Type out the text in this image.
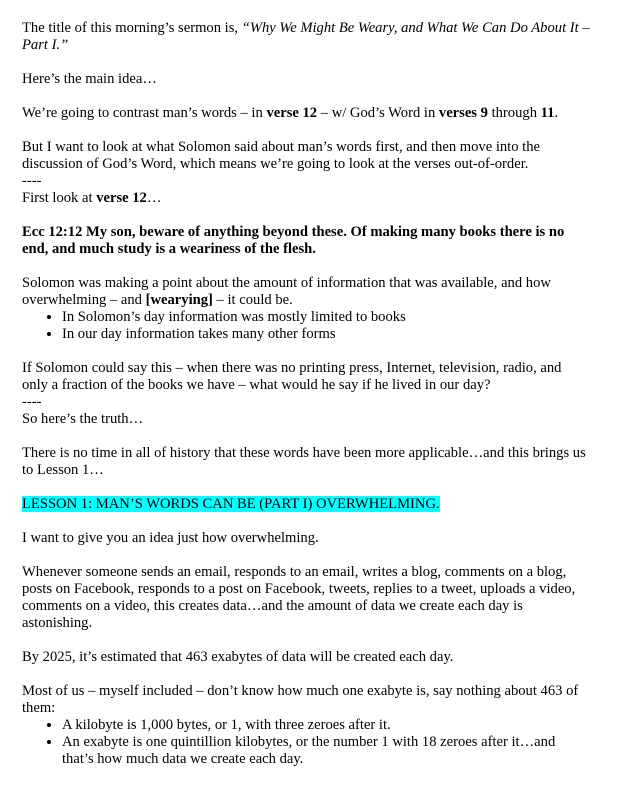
The title of this morning’s sermon is, “Why We Might Be Weary, and What We Can Do About It – Part I.”

Here’s the main idea…

We’re going to contrast man’s words – in verse 12 – w/ God’s Word in verses 9 through 11.

But I want to look at what Solomon said about man’s words first, and then move into the discussion of God’s Word, which means we’re going to look at the verses out-of-order.

----

First look at verse 12…

Ecc 12:12 My son, beware of anything beyond these. Of making many books there is no end, and much study is a weariness of the flesh.

Solomon was making a point about the amount of information that was available, and how overwhelming – and [wearying] – it could be.

• In Solomon’s day information was mostly limited to books
• In our day information takes many other forms

If Solomon could say this – when there was no printing press, Internet, television, radio, and only a fraction of the books we have – what would he say if he lived in our day?

----

So here’s the truth…

There is no time in all of history that these words have been more applicable…and this brings us to Lesson 1…

LESSON 1: MAN’S WORDS CAN BE (PART I) OVERWHELMING.

I want to give you an idea just how overwhelming.

Whenever someone sends an email, responds to an email, writes a blog, comments on a blog, posts on Facebook, responds to a post on Facebook, tweets, replies to a tweet, uploads a video, comments on a video, this creates data…and the amount of data we create each day is astonishing.

By 2025, it’s estimated that 463 exabytes of data will be created each day.

Most of us – myself included – don’t know how much one exabyte is, say nothing about 463 of them:

• A kilobyte is 1,000 bytes, or 1, with three zeroes after it.
• An exabyte is one quintillion kilobytes, or the number 1 with 18 zeroes after it…and that’s how much data we create each day.
